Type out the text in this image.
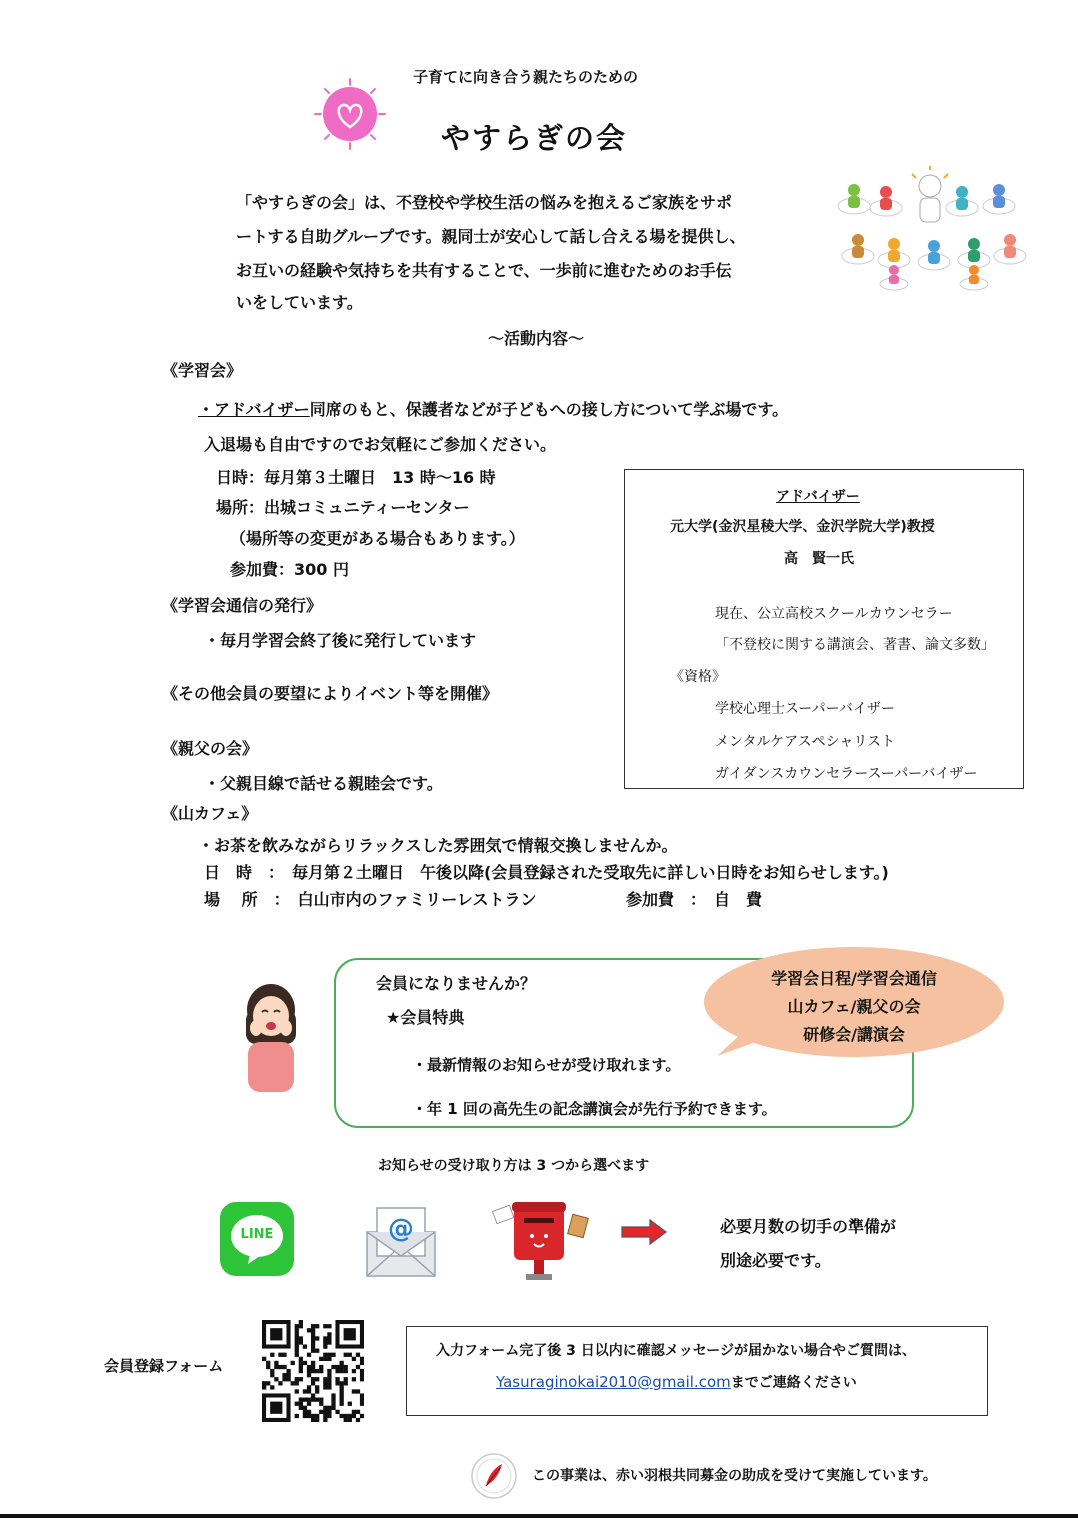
子育てに向き合う親たちのための
やすらぎの会
「やすらぎの会」は、不登校や学校生活の悩みを抱えるご家族をサポ
ートする自助グループです。親同士が安心して話し合える場を提供し、
お互いの経験や気持ちを共有することで、一歩前に進むためのお手伝
いをしています。
～活動内容～
《学習会》
・アドバイザー同席のもと、保護者などが子どもへの接し方について学ぶ場です。
入退場も自由ですのでお気軽にご参加ください。
日時：毎月第３土曜日　13 時～16 時
場所：出城コミュニティーセンター
（場所等の変更がある場合もあります。）
参加費：300 円
《学習会通信の発行》
・毎月学習会終了後に発行しています
《その他会員の要望によりイベント等を開催》
《親父の会》
・父親目線で話せる親睦会です。
《山カフェ》
・お茶を飲みながらリラックスした雰囲気で情報交換しませんか。
日　時　：　毎月第２土曜日　午後以降(会員登録された受取先に詳しい日時をお知らせします。)
場　 所　：　白山市内のファミリーレストラン	参加費　：　自　費
アドバイザー
元大学(金沢星稜大学、金沢学院大学)教授
高　賢一氏
現在、公立高校スクールカウンセラー
「不登校に関する講演会、著書、論文多数」
《資格》
学校心理士スーパーバイザー
メンタルケアスペシャリスト
ガイダンスカウンセラースーパーバイザー
会員になりませんか？
★会員特典
・最新情報のお知らせが受け取れます。
・年 1 回の高先生の記念講演会が先行予約できます。
学習会日程/学習会通信
山カフェ/親父の会
研修会/講演会
お知らせの受け取り方は 3 つから選べます
LINE	@	必要月数の切手の準備が
別途必要です。
会員登録フォーム
入力フォーム完了後 3 日以内に確認メッセージが届かない場合やご質問は、
Yasuraginokai2010@gmail.comまでご連絡ください
この事業は、赤い羽根共同募金の助成を受けて実施しています。
